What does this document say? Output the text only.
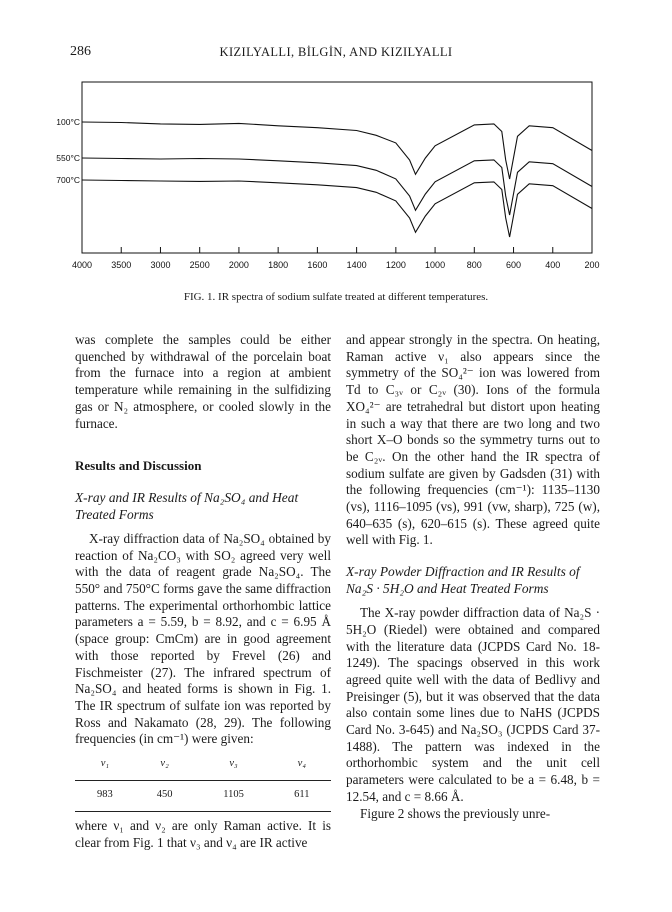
286	KIZILYALLI, BİLGİN, AND KIZILYALLI
4000 3500 3000 2500 2000 1800 1600 1400 1200 1000 800	600	400	200
100°C
550°C
700°C
FIG. 1. IR spectra of sodium sulfate treated at different temperatures.

was complete the samples could be either quenched by withdrawal of the porcelain boat from the furnace into a region at ambient temperature while remaining in the sulfidizing gas or N₂ atmosphere, or cooled slowly in the furnace.

Results and Discussion
X-ray and IR Results of Na₂SO₄ and Heat Treated Forms

X-ray diffraction data of Na₂SO₄ obtained by reaction of Na₂CO₃ with SO₂ agreed very well with the data of reagent grade Na₂SO₄. The 550° and 750°C forms gave the same diffraction patterns. The experimental orthorhombic lattice parameters a = 5.59, b = 8.92, and c = 6.95 Å (space group: CmCm) are in good agreement with those reported by Frevel (26) and Fischmeister (27). The infrared spectrum of Na₂SO₄ and heated forms is shown in Fig. 1. The IR spectrum of sulfate ion was reported by Ross and Nakamato (28, 29). The following frequencies (in cm⁻¹) were given:

ν₁	ν₂	ν₃	ν₄
983	450	1105	611

where ν₁ and ν₂ are only Raman active. It is clear from Fig. 1 that ν₃ and ν₄ are IR active

and appear strongly in the spectra. On heating, Raman active ν₁ also appears since the symmetry of the SO₄²⁻ ion was lowered from Td to C₃ᵥ or C₂ᵥ (30). Ions of the formula XO₄²⁻ are tetrahedral but distort upon heating in such a way that there are two long and two short X–O bonds so the symmetry turns out to be C₂ᵥ. On the other hand the IR spectra of sodium sulfate are given by Gadsden (31) with the following frequencies (cm⁻¹): 1135–1130 (vs), 1116–1095 (vs), 991 (vw, sharp), 725 (w), 640–635 (s), 620–615 (s). These agreed quite well with Fig. 1.

X-ray Powder Diffraction and IR Results of Na₂S · 5H₂O and Heat Treated Forms

The X-ray powder diffraction data of Na₂S · 5H₂O (Riedel) were obtained and compared with the literature data (JCPDS Card No. 18-1249). The spacings observed in this work agreed quite well with the data of Bedlivy and Preisinger (5), but it was observed that the data also contain some lines due to NaHS (JCPDS Card No. 3-645) and Na₂SO₃ (JCPDS Card 37-1488). The pattern was indexed in the orthorhombic system and the unit cell parameters were calculated to be a = 6.48, b = 12.54, and c = 8.66 Å.

Figure 2 shows the previously unre-
